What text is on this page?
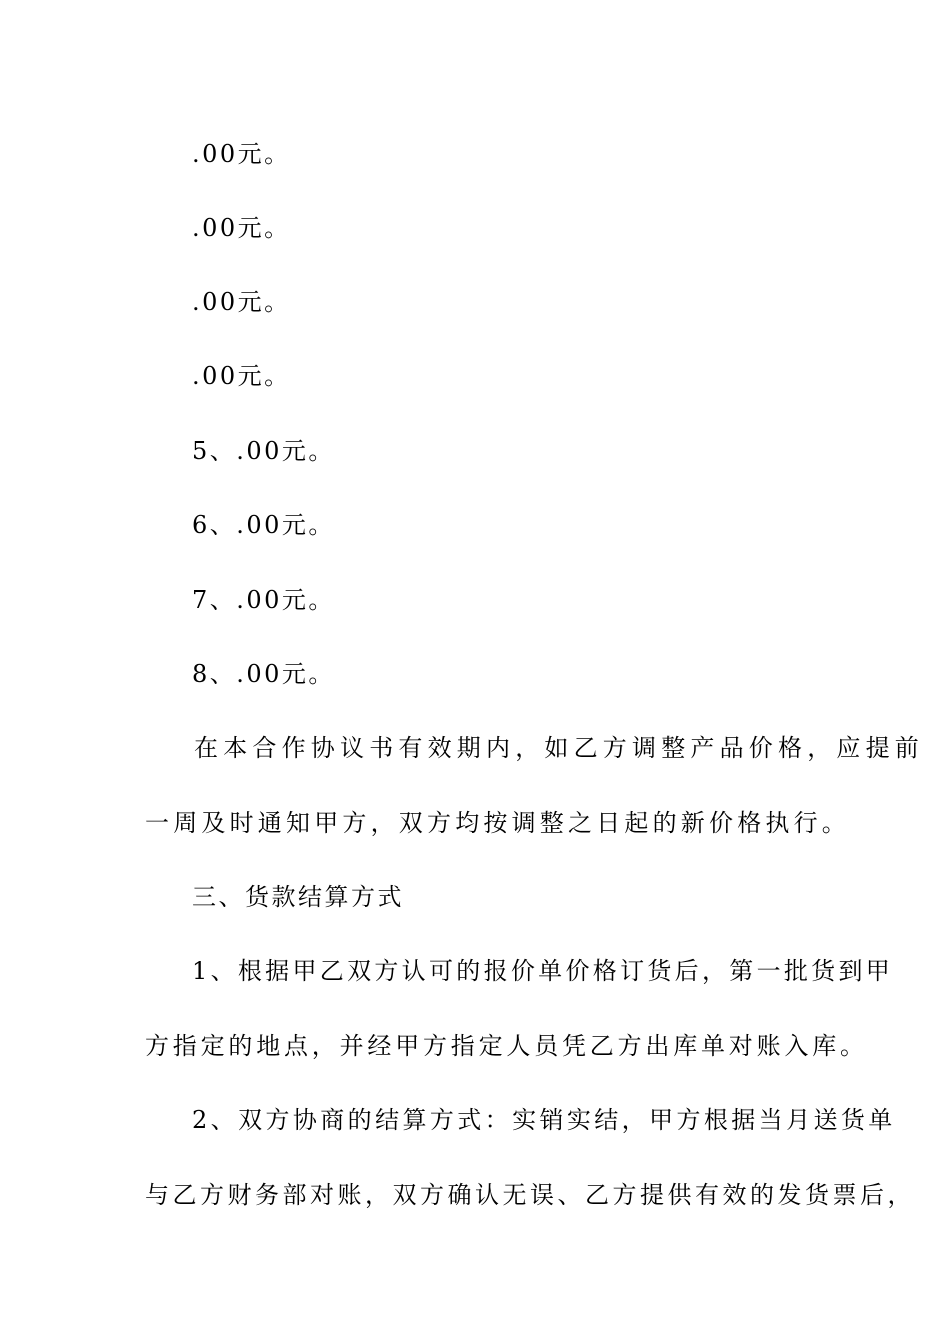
.00元。
.00元。
.00元。
.00元。
5、.00元。
6、.00元。
7、.00元。
8、.00元。
在本合作协议书有效期内，如乙方调整产品价格，应提前
一周及时通知甲方，双方均按调整之日起的新价格执行。
三、货款结算方式
1、根据甲乙双方认可的报价单价格订货后，第一批货到甲
方指定的地点，并经甲方指定人员凭乙方出库单对账入库。
2、双方协商的结算方式：实销实结，甲方根据当月送货单
与乙方财务部对账，双方确认无误、乙方提供有效的发货票后，
